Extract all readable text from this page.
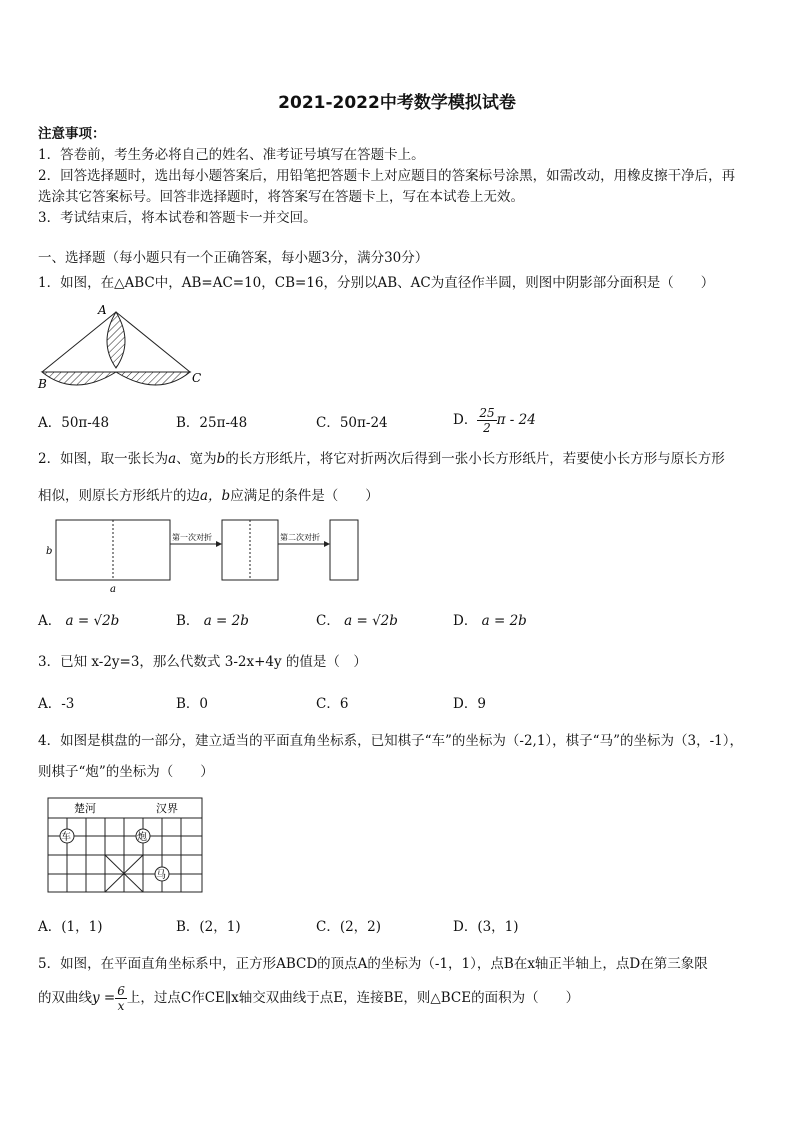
2021-2022中考数学模拟试卷
注意事项：
1．答卷前，考生务必将自己的姓名、准考证号填写在答题卡上。
2．回答选择题时，选出每小题答案后，用铅笔把答题卡上对应题目的答案标号涂黑，如需改动，用橡皮擦干净后，再
选涂其它答案标号。回答非选择题时，将答案写在答题卡上，写在本试卷上无效。
3．考试结束后，将本试卷和答题卡一并交回。
一、选择题（每小题只有一个正确答案，每小题3分，满分30分）
1．如图，在△ABC中，AB=AC=10，CB=16，分别以AB、AC为直径作半圆，则图中阴影部分面积是（　　）
A
B	C
A．50π-48	B．25π-48	C．50π-24	D． $\frac{25}{2}$ π - 24
2．如图，取一张长为a、宽为b的长方形纸片，将它对折两次后得到一张小长方形纸片，若要使小长方形与原长方形
相似，则原长方形纸片的边a，b应满足的条件是（　　）
b
a
第一次对折	第二次对折
A． a = √2b	B． a = 2b	C． a = √2b	D． a = 2b
3．已知 x-2y=3，那么代数式 3-2x+4y 的值是（　）
A．-3	B．0	C．6	D．9
4．如图是棋盘的一部分，建立适当的平面直角坐标系，已知棋子“车”的坐标为（-2,1），棋子“马”的坐标为（3，-1），
则棋子“炮”的坐标为（　　）
楚河	汉界
车	炮
马
A．(1，1)	B．(2，1)	C．(2，2)	D．(3，1)
5．如图，在平面直角坐标系中，正方形ABCD的顶点A的坐标为（-1，1），点B在x轴正半轴上，点D在第三象限
的双曲线$y = \frac{6}{x}$ 上，过点C作CE∥x轴交双曲线于点E，连接BE，则△BCE的面积为（　　）
